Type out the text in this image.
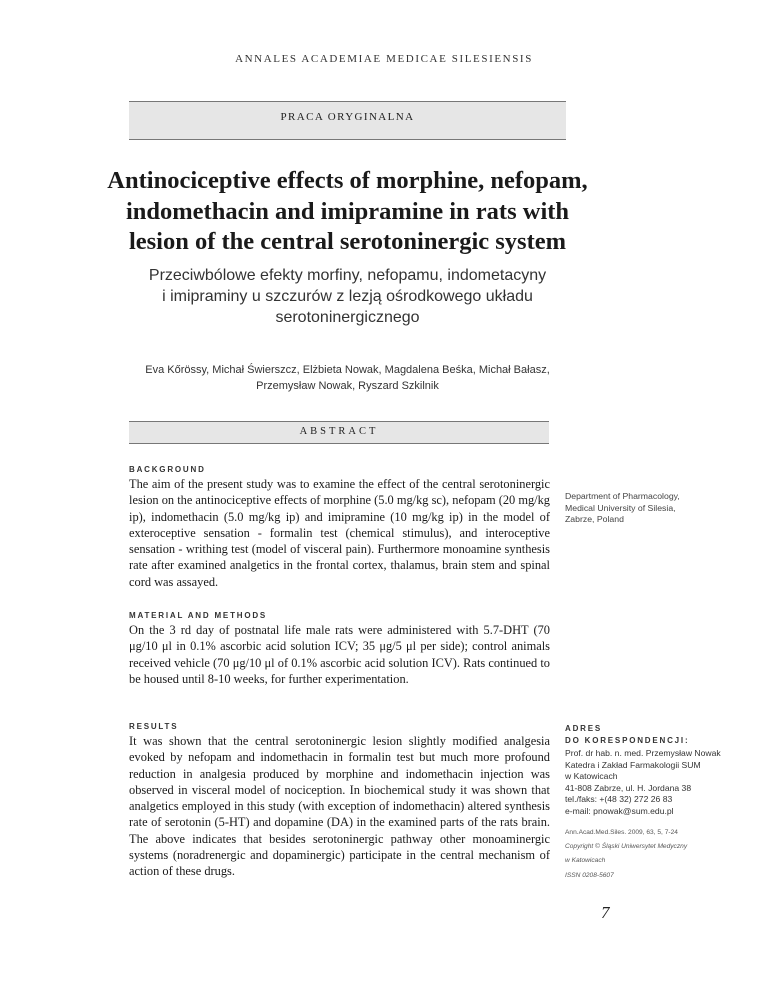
ANNALES ACADEMIAE MEDICAE SILESIENSIS
PRACA ORYGINALNA
Antinociceptive effects of morphine, nefopam,
indomethacin and imipramine in rats with
lesion of the central serotoninergic system
Przeciwbólowe efekty morfiny, nefopamu, indometacyny
i imipraminy u szczurów z lezją ośrodkowego układu
serotoninergicznego
Eva Kőrössy, Michał Świerszcz, Elżbieta Nowak, Magdalena Beśka, Michał Bałasz,
Przemysław Nowak, Ryszard Szkilnik
ABSTRACT
BACKGROUND
The aim of the present study was to examine the effect of the central serotoninergic lesion on the antinociceptive effects of morphine (5.0 mg/kg sc), nefopam (20 mg/kg ip), indomethacin (5.0 mg/kg ip) and imipramine (10 mg/kg ip) in the model of exteroceptive sensation - formalin test (chemical stimulus), and interoceptive sensation - writhing test (model of visceral pain). Furthermore monoamine synthesis rate after examined analgetics in the frontal cortex, thalamus, brain stem and spinal cord was assayed.
MATERIAL AND METHODS
On the 3 rd day of postnatal life male rats were administered with 5.7-DHT (70 μg/10 μl in 0.1% ascorbic acid solution ICV; 35 μg/5 μl per side); control animals received vehicle (70 μg/10 μl of 0.1% ascorbic acid solution ICV). Rats continued to be housed until 8-10 weeks, for further experimentation.
RESULTS
It was shown that the central serotoninergic lesion slightly modified analgesia evoked by nefopam and indomethacin in formalin test but much more profound reduction in analgesia produced by morphine and indomethacin injection was observed in visceral model of nociception. In biochemical study it was shown that analgetics employed in this study (with exception of indomethacin) altered synthesis rate of serotonin (5-HT) and dopamine (DA) in the examined parts of the rats brain. The above indicates that besides serotoninergic pathway other monoaminergic systems (noradrenergic and dopaminergic) participate in the central mechanism of action of these drugs.
Department of Pharmacology,
Medical University of Silesia,
Zabrze, Poland
ADRES
DO KORESPONDENCJI:
Prof. dr hab. n. med. Przemysław Nowak
Katedra i Zakład Farmakologii SUM
w Katowicach
41-808 Zabrze, ul. H. Jordana 38
tel./faks: +(48 32) 272 26 83
e-mail: pnowak@sum.edu.pl
Ann.Acad.Med.Siles. 2009, 63, 5, 7-24
Copyright © Śląski Uniwersytet Medyczny
w Katowicach
ISSN 0208-5607
7
